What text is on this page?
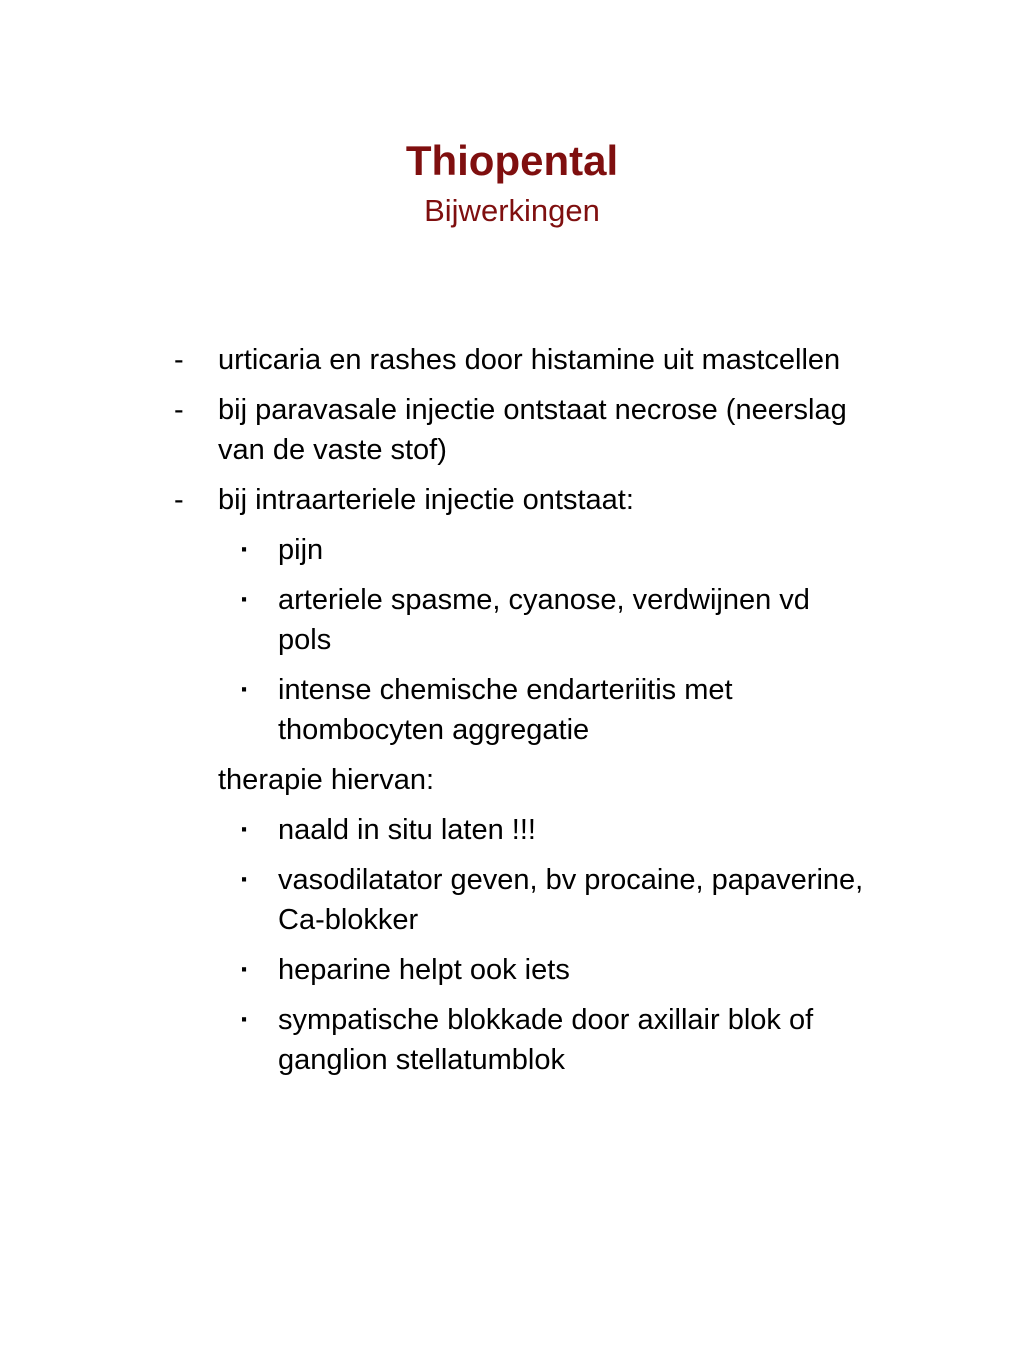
Thiopental
Bijwerkingen
- urticaria en rashes door histamine uit mastcellen
- bij paravasale injectie ontstaat necrose (neerslag van de vaste stof)
- bij intraarteriele injectie ontstaat:
· pijn
· arteriele spasme, cyanose, verdwijnen vd pols
· intense chemische endarteriitis met thombocyten aggregatie
therapie hiervan:
· naald in situ laten !!!
· vasodilatator geven, bv procaine, papaverine, Ca-blokker
· heparine helpt ook iets
· sympatische blokkade door axillair blok of ganglion stellatumblok
